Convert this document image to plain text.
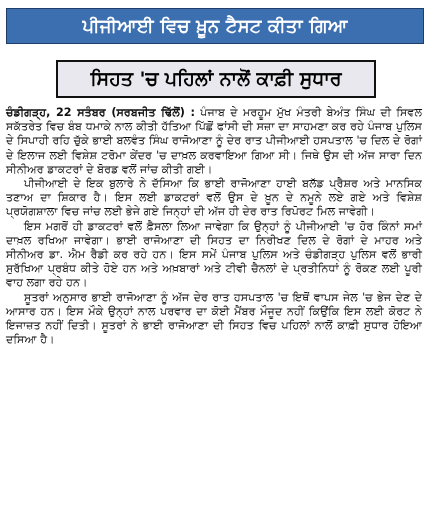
ਪੀਜੀਆਈ ਵਿਚ ਖ਼ੂਨ ਟੈਸਟ ਕੀਤਾ ਗਿਆ
ਸਿਹਤ 'ਚ ਪਹਿਲਾਂ ਨਾਲੋਂ ਕਾਫ਼ੀ ਸੁਧਾਰ

ਚੰਡੀਗੜ੍ਹ, 22 ਸਤੰਬਰ (ਸਰਬਜੀਤ ਢਿੱਲੋਂ) : ਪੰਜਾਬ ਦੇ ਮਰਹੂਮ ਮੁੱਖ ਮੰਤਰੀ ਬੇਅੰਤ ਸਿੰਘ ਦੀ ਸਿਵਲ ਸਕੱਤਰੇਤ ਵਿਚ ਬੰਬ ਧਮਾਕੇ ਨਾਲ ਕੀਤੀ ਹੱਤਿਆ ਪਿੱਛੋਂ ਫਾਂਸੀ ਦੀ ਸਜ਼ਾ ਦਾ ਸਾਹਮਣਾ ਕਰ ਰਹੇ ਪੰਜਾਬ ਪੁਲਿਸ ਦੇ ਸਿਪਾਹੀ ਰਹਿ ਚੁੱਕੇ ਭਾਈ ਬਲਵੰਤ ਸਿੰਘ ਰਾਜੋਆਣਾ ਨੂੰ ਦੇਰ ਰਾਤ ਪੀਜੀਆਈ ਹਸਪਤਾਲ 'ਚ ਦਿਲ ਦੇ ਰੋਗਾਂ ਦੇ ਇਲਾਜ ਲਈ ਵਿਸ਼ੇਸ਼ ਟਰੋਮਾ ਕੇਂਦਰ 'ਚ ਦਾਖ਼ਲ ਕਰਵਾਇਆ ਗਿਆ ਸੀ। ਜਿਥੇ ਉਸ ਦੀ ਅੱਜ ਸਾਰਾ ਦਿਨ ਸੀਨੀਅਰ ਡਾਕਟਰਾਂ ਦੇ ਬੋਰਡ ਵਲੋਂ ਜਾਂਚ ਕੀਤੀ ਗਈ।

ਪੀਜੀਆਈ ਦੇ ਇਕ ਬੁਲਾਰੇ ਨੇ ਦੱਸਿਆ ਕਿ ਭਾਈ ਰਾਜੋਆਣਾ ਹਾਈ ਬਲੱਡ ਪ੍ਰੈਸ਼ਰ ਅਤੇ ਮਾਨਸਿਕ ਤਣਾਅ ਦਾ ਸ਼ਿਕਾਰ ਹੈ। ਇਸ ਲਈ ਡਾਕਟਰਾਂ ਵਲੋਂ ਉਸ ਦੇ ਖ਼ੂਨ ਦੇ ਨਮੂਨੇ ਲਏ ਗਏ ਅਤੇ ਵਿਸ਼ੇਸ਼ ਪ੍ਰਯੋਗਸ਼ਾਲਾ ਵਿਚ ਜਾਂਚ ਲਈ ਭੇਜੇ ਗਏ ਜਿਨ੍ਹਾਂ ਦੀ ਅੱਜ ਹੀ ਦੇਰ ਰਾਤ ਰਿਪੋਰਟ ਮਿਲ ਜਾਵੇਗੀ।

ਇਸ ਮਗਰੋਂ ਹੀ ਡਾਕਟਰਾਂ ਵਲੋਂ ਫ਼ੈਸਲਾ ਲਿਆ ਜਾਵੇਗਾ ਕਿ ਉਨ੍ਹਾਂ ਨੂੰ ਪੀਜੀਆਈ 'ਚ ਹੋਰ ਕਿੰਨਾਂ ਸਮਾਂ ਦਾਖ਼ਲ ਰਖਿਆ ਜਾਵੇਗਾ। ਭਾਈ ਰਾਜੋਆਣਾ ਦੀ ਸਿਹਤ ਦਾ ਨਿਰੀਖਣ ਦਿਲ ਦੇ ਰੋਗਾਂ ਦੇ ਮਾਹਰ ਅਤੇ ਸੀਨੀਅਰ ਡਾ. ਐਮ ਰੈਡੀ ਕਰ ਰਹੇ ਹਨ। ਇਸ ਸਮੇਂ ਪੰਜਾਬ ਪੁਲਿਸ ਅਤੇ ਚੰਡੀਗੜ੍ਹ ਪੁਲਿਸ ਵਲੋਂ ਭਾਰੀ ਸੁਰੱਖਿਆ ਪ੍ਰਬੰਧ ਕੀਤੇ ਹੋਏ ਹਨ ਅਤੇ ਅਖ਼ਬਾਰਾਂ ਅਤੇ ਟੀਵੀ ਚੈਨਲਾਂ ਦੇ ਪ੍ਰਤੀਨਿਧਾਂ ਨੂੰ ਰੋਕਣ ਲਈ ਪੂਰੀ ਵਾਹ ਲਗਾ ਰਹੇ ਹਨ।

ਸੂਤਰਾਂ ਅਨੁਸਾਰ ਭਾਈ ਰਾਜੋਆਣਾ ਨੂੰ ਅੱਜ ਦੇਰ ਰਾਤ ਹਸਪਤਾਲ 'ਚ ਇਥੋਂ ਵਾਪਸ ਜੇਲ 'ਚ ਭੇਜ ਦੇਣ ਦੇ ਆਸਾਰ ਹਨ। ਇਸ ਮੌਕੇ ਉਨ੍ਹਾਂ ਨਾਲ ਪਰਵਾਰ ਦਾ ਕੋਈ ਮੈਂਬਰ ਮੌਜੂਦ ਨਹੀਂ ਕਿਉਂਕਿ ਇਸ ਲਈ ਕੋਰਟ ਨੇ ਇਜਾਜ਼ਤ ਨਹੀਂ ਦਿਤੀ। ਸੂਤਰਾਂ ਨੇ ਭਾਈ ਰਾਜੋਆਣਾ ਦੀ ਸਿਹਤ ਵਿਚ ਪਹਿਲਾਂ ਨਾਲੋਂ ਕਾਫ਼ੀ ਸੁਧਾਰ ਹੋਇਆ ਦਸਿਆ ਹੈ।
